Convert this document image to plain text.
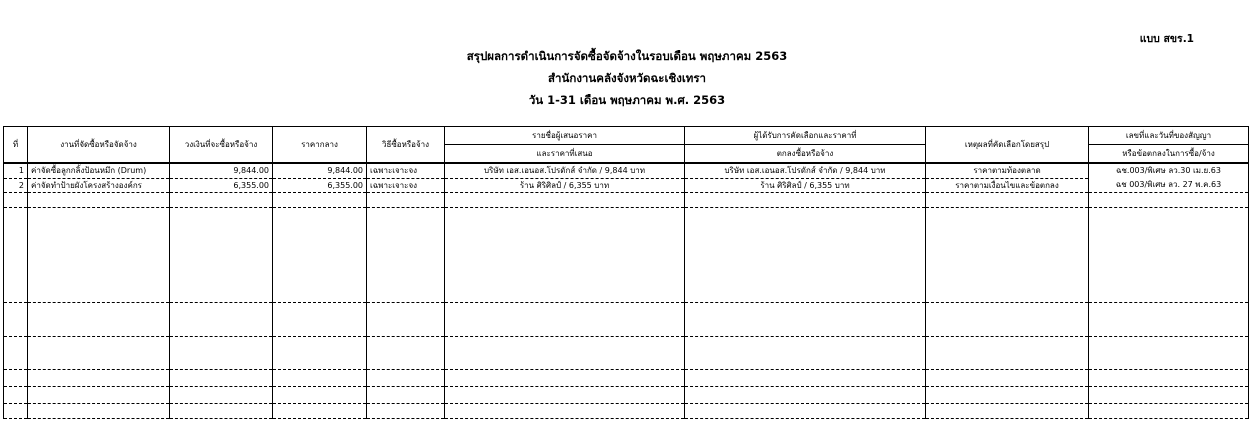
แบบ สขร.1
สรุปผลการดำเนินการจัดซื้อจัดจ้างในรอบเดือน พฤษภาคม 2563
สำนักงานคลังจังหวัดฉะเชิงเทรา
วัน 1-31 เดือน พฤษภาคม พ.ศ. 2563
ที่	งานที่จัดซื้อหรือจัดจ้าง	วงเงินที่จะซื้อหรือจ้าง	ราคากลาง	วิธีซื้อหรือจ้าง	รายชื่อผู้เสนอราคา	ผู้ได้รับการคัดเลือกและราคาที่	เหตุผลที่คัดเลือกโดยสรุป	เลขที่และวันที่ของสัญญา
					และราคาที่เสนอ	ตกลงซื้อหรือจ้าง		หรือข้อตกลงในการซื้อ/จ้าง
1	ค่าจัดซื้อลูกกลิ้งป้อนหมึก (Drum)	9,844.00	9,844.00	เฉพาะเจาะจง	บริษัท เอส.เอนอส.โปรดักส์ จำกัด / 9,844 บาท	บริษัท เอส.เอนอส.โปรดักส์ จำกัด / 9,844 บาท	ราคาตามท้องตลาด	ฉช.003/พิเศษ ลว.30 เม.ย.63
ฉช 003/พิเศษ ลว. 27 พ.ค.63

2	ค่าจัดทำป้ายผังโครงสร้างองค์กร	6,355.00	6,355.00	เฉพาะเจาะจง	ร้าน ศิริศิลป์ / 6,355 บาท	ร้าน ศิริศิลป์ / 6,355 บาท	ราคาตามเงื่อนไขและข้อตกลง	
